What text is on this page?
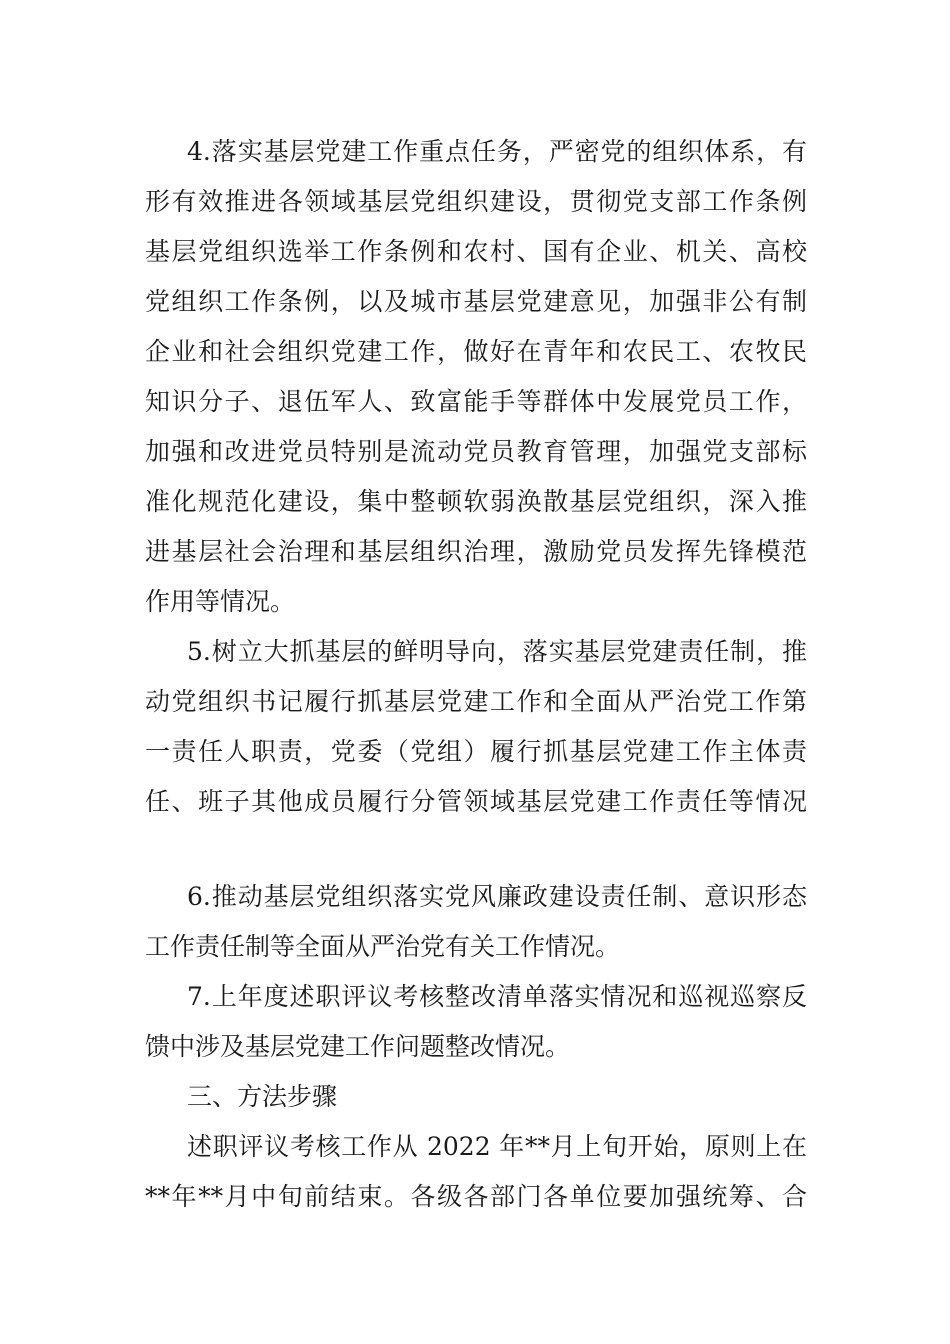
4.落实基层党建工作重点任务，严密党的组织体系，有
形有效推进各领域基层党组织建设，贯彻党支部工作条例
基层党组织选举工作条例和农村、国有企业、机关、高校
党组织工作条例，以及城市基层党建意见，加强非公有制
企业和社会组织党建工作，做好在青年和农民工、农牧民
知识分子、退伍军人、致富能手等群体中发展党员工作，
加强和改进党员特别是流动党员教育管理，加强党支部标
准化规范化建设，集中整顿软弱涣散基层党组织，深入推
进基层社会治理和基层组织治理，激励党员发挥先锋模范
作用等情况。
5.树立大抓基层的鲜明导向，落实基层党建责任制，推
动党组织书记履行抓基层党建工作和全面从严治党工作第
一责任人职责，党委（党组）履行抓基层党建工作主体责
任、班子其他成员履行分管领域基层党建工作责任等情况
6.推动基层党组织落实党风廉政建设责任制、意识形态
工作责任制等全面从严治党有关工作情况。
7.上年度述职评议考核整改清单落实情况和巡视巡察反
馈中涉及基层党建工作问题整改情况。
三、方法步骤
述职评议考核工作从 2022 年**月上旬开始，原则上在
**年**月中旬前结束。各级各部门各单位要加强统筹、合
